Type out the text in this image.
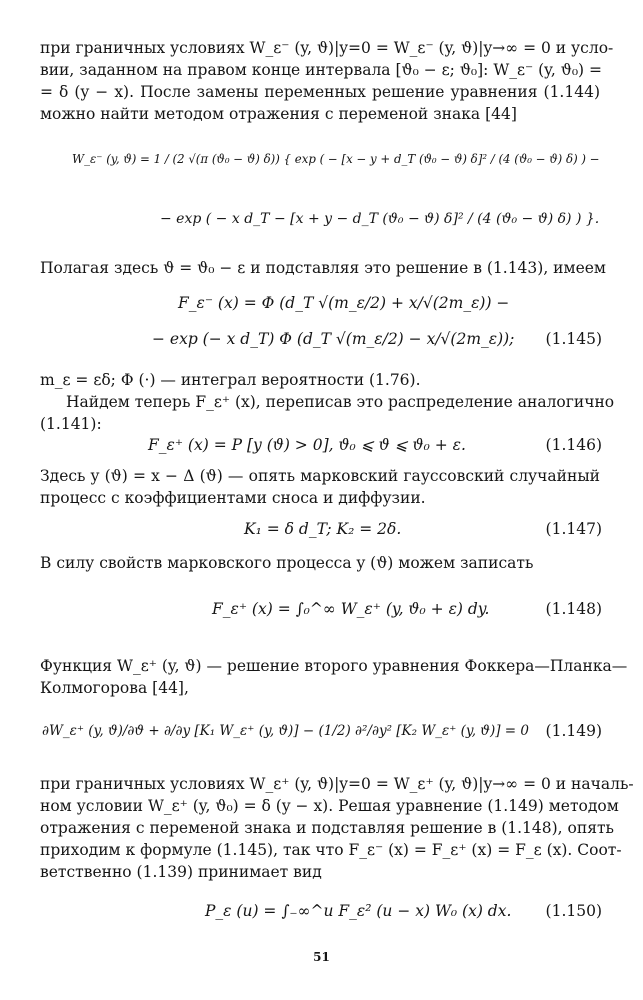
при граничных условиях W_ε⁻ (y, ϑ)|y=0 = W_ε⁻ (y, ϑ)|y→∞ = 0 и усло-
вии, заданном на правом конце интервала [ϑ₀ − ε; ϑ₀]: W_ε⁻ (y, ϑ₀) =
= δ (y − x). После замены переменных решение уравнения (1.144)
можно найти методом отражения с переменой знака [44]
W_ε⁻ (y, ϑ) = 1 / (2 √(π (ϑ₀ − ϑ) δ)) { exp ( − [x − y + d_T (ϑ₀ − ϑ) δ]² / (4 (ϑ₀ − ϑ) δ) ) −
− exp ( − x d_T − [x + y − d_T (ϑ₀ − ϑ) δ]² / (4 (ϑ₀ − ϑ) δ) ) }.
Полагая здесь ϑ = ϑ₀ − ε и подставляя это решение в (1.143), имеем
F_ε⁻ (x) = Φ (d_T √(m_ε/2) + x/√(2m_ε)) −
− exp (− x d_T) Φ (d_T √(m_ε/2) − x/√(2m_ε));	(1.145)
m_ε = εδ; Φ (·) — интеграл вероятности (1.76).
Найдем теперь F_ε⁺ (x), переписав это распределение аналогично
(1.141):
F_ε⁺ (x) = P [y (ϑ) > 0], ϑ₀ ⩽ ϑ ⩽ ϑ₀ + ε.	(1.146)
Здесь y (ϑ) = x − Δ (ϑ) — опять марковский гауссовский случайный
процесс с коэффициентами сноса и диффузии.
K₁ = δ d_T; K₂ = 2δ.	(1.147)
В силу свойств марковского процесса y (ϑ) можем записать
F_ε⁺ (x) = ∫₀^∞ W_ε⁺ (y, ϑ₀ + ε) dy.	(1.148)
Функция W_ε⁺ (y, ϑ) — решение второго уравнения Фоккера—Планка—
Колмогорова [44],
∂W_ε⁺ (y, ϑ)/∂ϑ + ∂/∂y [K₁ W_ε⁺ (y, ϑ)] − (1/2) ∂²/∂y² [K₂ W_ε⁺ (y, ϑ)] = 0	(1.149)
при граничных условиях W_ε⁺ (y, ϑ)|y=0 = W_ε⁺ (y, ϑ)|y→∞ = 0 и началь-
ном условии W_ε⁺ (y, ϑ₀) = δ (y − x). Решая уравнение (1.149) методом
отражения с переменой знака и подставляя решение в (1.148), опять
приходим к формуле (1.145), так что F_ε⁻ (x) = F_ε⁺ (x) = F_ε (x). Соот-
ветственно (1.139) принимает вид
P_ε (u) = ∫₋∞^u F_ε² (u − x) W₀ (x) dx.	(1.150)
51
